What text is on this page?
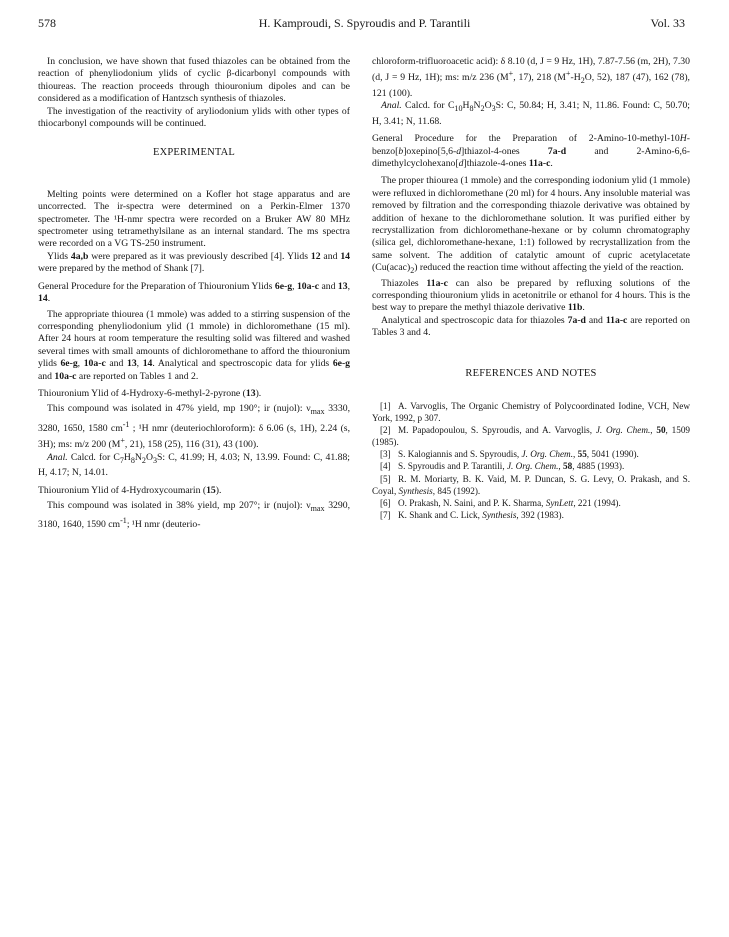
578	H. Kamproudi, S. Spyroudis and P. Tarantili	Vol. 33

In conclusion, we have shown that fused thiazoles can be obtained from the reaction of phenyliodonium ylids of cyclic β-dicarbonyl compounds with thioureas. The reaction proceeds through thiouronium dipoles and can be considered as a modification of Hantzsch synthesis of thiazoles.

The investigation of the reactivity of aryliodonium ylids with other types of thiocarbonyl compounds will be continued.

EXPERIMENTAL

Melting points were determined on a Kofler hot stage apparatus and are uncorrected. The ir-spectra were determined on a Perkin-Elmer 1370 spectrometer. The ¹H-nmr spectra were recorded on a Bruker AW 80 MHz spectrometer using tetramethylsilane as an internal standard. The ms spectra were recorded on a VG TS-250 instrument.

Ylids 4a,b were prepared as it was previously described [4]. Ylids 12 and 14 were prepared by the method of Shank [7].

General Procedure for the Preparation of Thiouronium Ylids 6e-g, 10a-c and 13, 14.

The appropriate thiourea (1 mmole) was added to a stirring suspension of the corresponding phenyliodonium ylid (1 mmole) in dichloromethane (15 ml). After 24 hours at room temperature the resulting solid was filtered and washed several times with small amounts of dichloromethane to afford the thiouronium ylids 6e-g, 10a-c and 13, 14. Analytical and spectroscopic data for ylids 6e-g and 10a-c are reported on Tables 1 and 2.

Thiouronium Ylid of 4-Hydroxy-6-methyl-2-pyrone (13).

This compound was isolated in 47% yield, mp 190°; ir (nujol): $\nu_{max}$ 3330, 3280, 1650, 1580 $cm^{-1}$ ; ¹H nmr (deuteriochloroform): δ 6.06 (s, 1H), 2.24 (s, 3H); ms: m/z 200 (M+, 21), 158 (25), 116 (31), 43 (100).

Anal. Calcd. for $C_7H_8N_2O_3S$: C, 41.99; H, 4.03; N, 13.99. Found: C, 41.88; H, 4.17; N, 14.01.

Thiouronium Ylid of 4-Hydroxycoumarin (15).

This compound was isolated in 38% yield, mp 207°; ir (nujol): $\nu_{max}$ 3290, 3180, 1640, 1590 $cm^{-1}$; ¹H nmr (deuterio-

chloroform-trifluoroacetic acid): δ 8.10 (d, J = 9 Hz, 1H), 7.87-7.56 (m, 2H), 7.30 (d, J = 9 Hz, 1H); ms: m/z 236 (M+, 17), 218 ($M^+-H_2O$, 52), 187 (47), 162 (78), 121 (100).

Anal. Calcd. for $C_{10}H_8N_2O_3S$: C, 50.84; H, 3.41; N, 11.86. Found: C, 50.70; H, 3.41; N, 11.68.

General Procedure for the Preparation of 2-Amino-10-methyl-10H-benzo[b]oxepino[5,6-d]thiazol-4-ones 7a-d and 2-Amino-6,6-dimethylcyclohexano[d]thiazole-4-ones 11a-c.

The proper thiourea (1 mmole) and the corresponding iodonium ylid (1 mmole) were refluxed in dichloromethane (20 ml) for 4 hours. Any insoluble material was removed by filtration and the corresponding thiazole derivative was obtained by addition of hexane to the dichloromethane solution. It was purified either by recrystallization from dichloromethane-hexane or by column chromatography (silica gel, dichloromethane-hexane, 1:1) followed by recrystallization from the same solvent. The addition of catalytic amount of cupric acetylacetate $(Cu(acac)_2)$ reduced the reaction time without affecting the yield of the reaction.

Thiazoles 11a-c can also be prepared by refluxing solutions of the corresponding thiouronium ylids in acetonitrile or ethanol for 4 hours. This is the best way to prepare the methyl thiazole derivative 11b.

Analytical and spectroscopic data for thiazoles 7a-d and 11a-c are reported on Tables 3 and 4.

REFERENCES AND NOTES

[1] A. Varvoglis, The Organic Chemistry of Polycoordinated Iodine, VCH, New York, 1992, p 307.

[2] M. Papadopoulou, S. Spyroudis, and A. Varvoglis, J. Org. Chem., 50, 1509 (1985).

[3] S. Kalogiannis and S. Spyroudis, J. Org. Chem., 55, 5041 (1990).

[4] S. Spyroudis and P. Tarantili, J. Org. Chem., 58, 4885 (1993).

[5] R. M. Moriarty, B. K. Vaid, M. P. Duncan, S. G. Levy, O. Prakash, and S. Coyal, Synthesis, 845 (1992).

[6] O. Prakash, N. Saini, and P. K. Sharma, SynLett, 221 (1994).

[7] K. Shank and C. Lick, Synthesis, 392 (1983).
